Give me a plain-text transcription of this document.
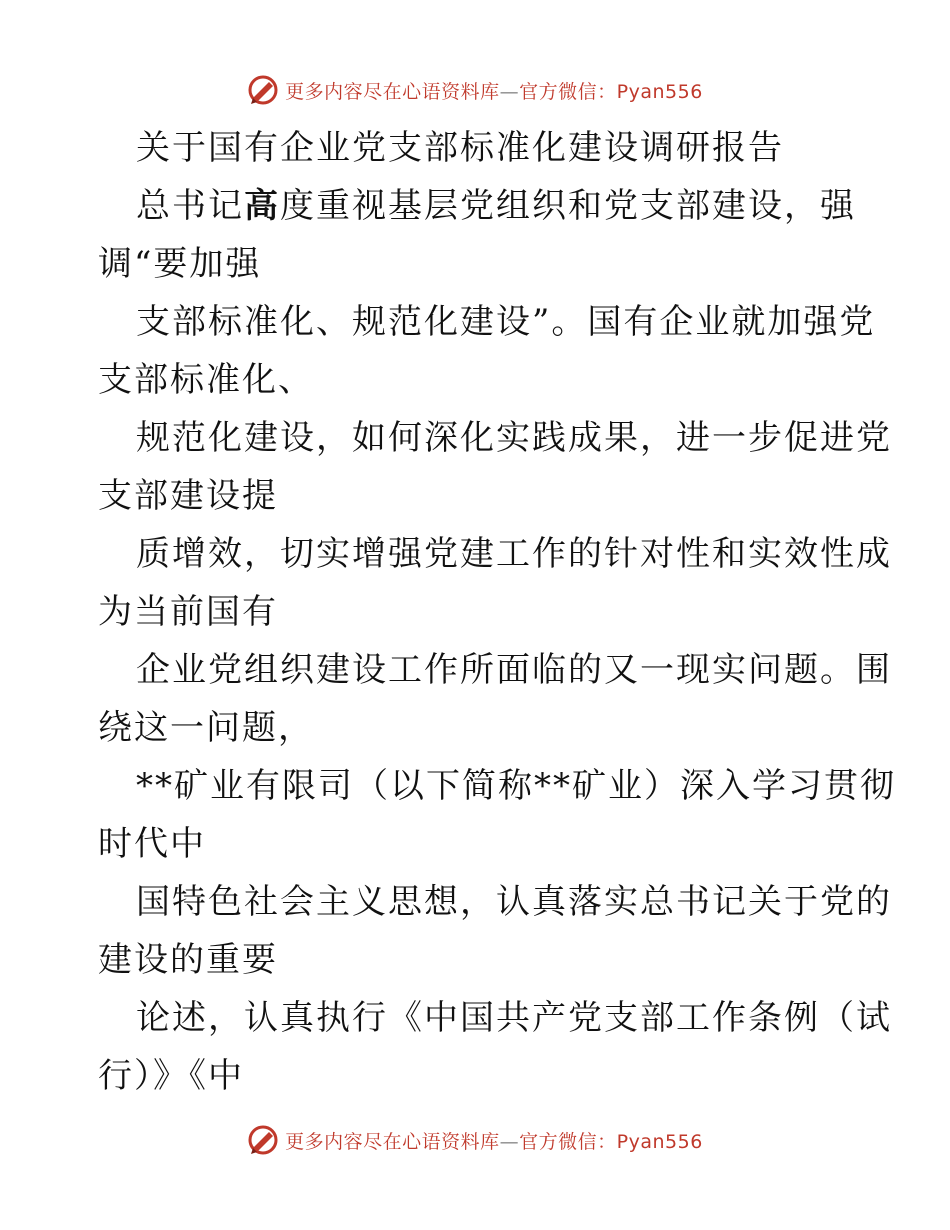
更多内容尽在心语资料库—官方微信：Pyan556
关于国有企业党支部标准化建设调研报告
总书记高度重视基层党组织和党支部建设，强
调“要加强
支部标准化、规范化建设”。国有企业就加强党
支部标准化、
规范化建设，如何深化实践成果，进一步促进党
支部建设提
质增效，切实增强党建工作的针对性和实效性成
为当前国有
企业党组织建设工作所面临的又一现实问题。围
绕这一问题，
**矿业有限司（以下简称**矿业）深入学习贯彻
时代中
国特色社会主义思想，认真落实总书记关于党的
建设的重要
论述，认真执行《中国共产党支部工作条例（试
行）》《中
更多内容尽在心语资料库—官方微信：Pyan556
